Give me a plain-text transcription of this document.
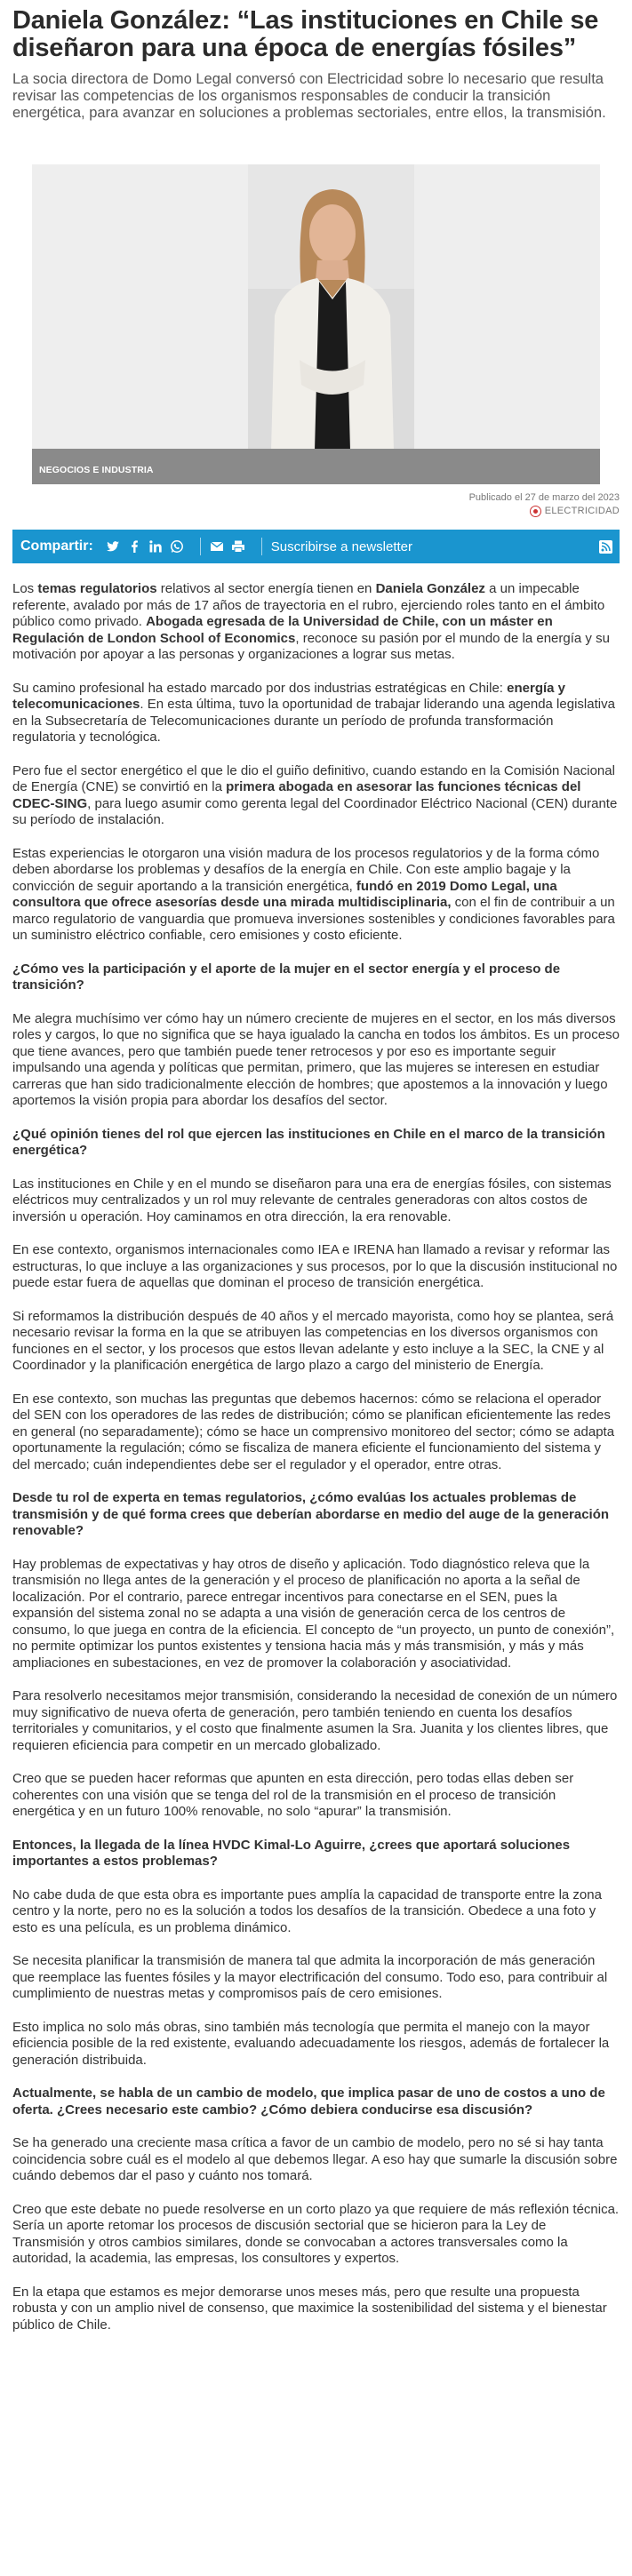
Daniela González: “Las instituciones en Chile se diseñaron para una época de energías fósiles”

La socia directora de Domo Legal conversó con Electricidad sobre lo necesario que resulta revisar las competencias de los organismos responsables de conducir la transición energética, para avanzar en soluciones a problemas sectoriales, entre ellos, la transmisión.

NEGOCIOS E INDUSTRIA
Publicado el 27 de marzo del 2023
ELECTRICIDAD
Compartir:	Suscribirse a newsletter

Los temas regulatorios relativos al sector energía tienen en Daniela González a un impecable referente, avalado por más de 17 años de trayectoria en el rubro, ejerciendo roles tanto en el ámbito público como privado. Abogada egresada de la Universidad de Chile, con un máster en Regulación de London School of Economics, reconoce su pasión por el mundo de la energía y su motivación por apoyar a las personas y organizaciones a lograr sus metas.

Su camino profesional ha estado marcado por dos industrias estratégicas en Chile: energía y telecomunicaciones. En esta última, tuvo la oportunidad de trabajar liderando una agenda legislativa en la Subsecretaría de Telecomunicaciones durante un período de profunda transformación regulatoria y tecnológica.

Pero fue el sector energético el que le dio el guiño definitivo, cuando estando en la Comisión Nacional de Energía (CNE) se convirtió en la primera abogada en asesorar las funciones técnicas del CDEC-SING, para luego asumir como gerenta legal del Coordinador Eléctrico Nacional (CEN) durante su período de instalación.

Estas experiencias le otorgaron una visión madura de los procesos regulatorios y de la forma cómo deben abordarse los problemas y desafíos de la energía en Chile. Con este amplio bagaje y la convicción de seguir aportando a la transición energética, fundó en 2019 Domo Legal, una consultora que ofrece asesorías desde una mirada multidisciplinaria, con el fin de contribuir a un marco regulatorio de vanguardia que promueva inversiones sostenibles y condiciones favorables para un suministro eléctrico confiable, cero emisiones y costo eficiente.

¿Cómo ves la participación y el aporte de la mujer en el sector energía y el proceso de transición?

Me alegra muchísimo ver cómo hay un número creciente de mujeres en el sector, en los más diversos roles y cargos, lo que no significa que se haya igualado la cancha en todos los ámbitos. Es un proceso que tiene avances, pero que también puede tener retrocesos y por eso es importante seguir impulsando una agenda y políticas que permitan, primero, que las mujeres se interesen en estudiar carreras que han sido tradicionalmente elección de hombres; que apostemos a la innovación y luego aportemos la visión propia para abordar los desafíos del sector.

¿Qué opinión tienes del rol que ejercen las instituciones en Chile en el marco de la transición energética?

Las instituciones en Chile y en el mundo se diseñaron para una era de energías fósiles, con sistemas eléctricos muy centralizados y un rol muy relevante de centrales generadoras con altos costos de inversión u operación. Hoy caminamos en otra dirección, la era renovable.

En ese contexto, organismos internacionales como IEA e IRENA han llamado a revisar y reformar las estructuras, lo que incluye a las organizaciones y sus procesos, por lo que la discusión institucional no puede estar fuera de aquellas que dominan el proceso de transición energética.

Si reformamos la distribución después de 40 años y el mercado mayorista, como hoy se plantea, será necesario revisar la forma en la que se atribuyen las competencias en los diversos organismos con funciones en el sector, y los procesos que estos llevan adelante y esto incluye a la SEC, la CNE y al Coordinador y la planificación energética de largo plazo a cargo del ministerio de Energía.

En ese contexto, son muchas las preguntas que debemos hacernos: cómo se relaciona el operador del SEN con los operadores de las redes de distribución; cómo se planifican eficientemente las redes en general (no separadamente); cómo se hace un comprensivo monitoreo del sector; cómo se adapta oportunamente la regulación; cómo se fiscaliza de manera eficiente el funcionamiento del sistema y del mercado; cuán independientes debe ser el regulador y el operador, entre otras.

Desde tu rol de experta en temas regulatorios, ¿cómo evalúas los actuales problemas de transmisión y de qué forma crees que deberían abordarse en medio del auge de la generación renovable?

Hay problemas de expectativas y hay otros de diseño y aplicación. Todo diagnóstico releva que la transmisión no llega antes de la generación y el proceso de planificación no aporta a la señal de localización. Por el contrario, parece entregar incentivos para conectarse en el SEN, pues la expansión del sistema zonal no se adapta a una visión de generación cerca de los centros de consumo, lo que juega en contra de la eficiencia. El concepto de “un proyecto, un punto de conexión”, no permite optimizar los puntos existentes y tensiona hacia más y más transmisión, y más y más ampliaciones en subestaciones, en vez de promover la colaboración y asociatividad.

Para resolverlo necesitamos mejor transmisión, considerando la necesidad de conexión de un número muy significativo de nueva oferta de generación, pero también teniendo en cuenta los desafíos territoriales y comunitarios, y el costo que finalmente asumen la Sra. Juanita y los clientes libres, que requieren eficiencia para competir en un mercado globalizado.

Creo que se pueden hacer reformas que apunten en esta dirección, pero todas ellas deben ser coherentes con una visión que se tenga del rol de la transmisión en el proceso de transición energética y en un futuro 100% renovable, no solo “apurar” la transmisión.

Entonces, la llegada de la línea HVDC Kimal-Lo Aguirre, ¿crees que aportará soluciones importantes a estos problemas?

No cabe duda de que esta obra es importante pues amplía la capacidad de transporte entre la zona centro y la norte, pero no es la solución a todos los desafíos de la transición. Obedece a una foto y esto es una película, es un problema dinámico.

Se necesita planificar la transmisión de manera tal que admita la incorporación de más generación que reemplace las fuentes fósiles y la mayor electrificación del consumo. Todo eso, para contribuir al cumplimiento de nuestras metas y compromisos país de cero emisiones.

Esto implica no solo más obras, sino también más tecnología que permita el manejo con la mayor eficiencia posible de la red existente, evaluando adecuadamente los riesgos, además de fortalecer la generación distribuida.

Actualmente, se habla de un cambio de modelo, que implica pasar de uno de costos a uno de oferta. ¿Crees necesario este cambio? ¿Cómo debiera conducirse esa discusión?

Se ha generado una creciente masa crítica a favor de un cambio de modelo, pero no sé si hay tanta coincidencia sobre cuál es el modelo al que debemos llegar. A eso hay que sumarle la discusión sobre cuándo debemos dar el paso y cuánto nos tomará.

Creo que este debate no puede resolverse en un corto plazo ya que requiere de más reflexión técnica. Sería un aporte retomar los procesos de discusión sectorial que se hicieron para la Ley de Transmisión y otros cambios similares, donde se convocaban a actores transversales como la autoridad, la academia, las empresas, los consultores y expertos.

En la etapa que estamos es mejor demorarse unos meses más, pero que resulte una propuesta robusta y con un amplio nivel de consenso, que maximice la sostenibilidad del sistema y el bienestar público de Chile.
